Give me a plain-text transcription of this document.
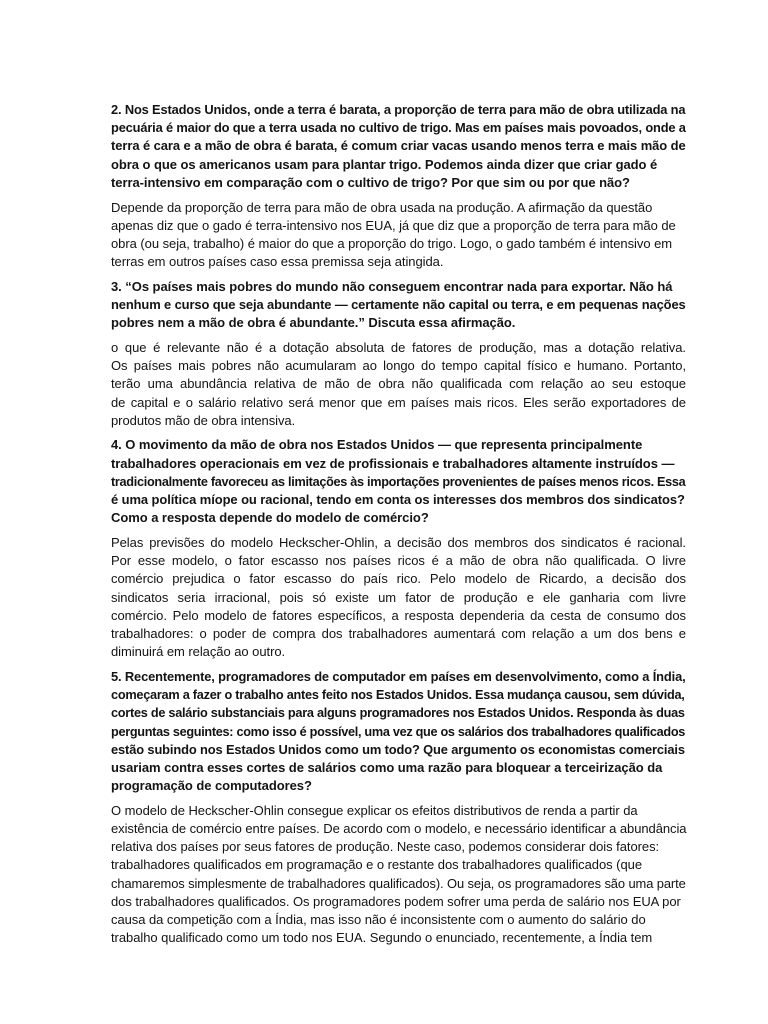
2. Nos Estados Unidos, onde a terra é barata, a proporção de terra para mão de obra utilizada na
pecuária é maior do que a terra usada no cultivo de trigo. Mas em países mais povoados, onde a
terra é cara e a mão de obra é barata, é comum criar vacas usando menos terra e mais mão de
obra o que os americanos usam para plantar trigo. Podemos ainda dizer que criar gado é
terra-intensivo em comparação com o cultivo de trigo? Por que sim ou por que não?

Depende da proporção de terra para mão de obra usada na produção. A afirmação da questão
apenas diz que o gado é terra-intensivo nos EUA, já que diz que a proporção de terra para mão de
obra (ou seja, trabalho) é maior do que a proporção do trigo. Logo, o gado também é intensivo em
terras em outros países caso essa premissa seja atingida.

3. “Os países mais pobres do mundo não conseguem encontrar nada para exportar. Não há
nenhum e curso que seja abundante — certamente não capital ou terra, e em pequenas nações
pobres nem a mão de obra é abundante.” Discuta essa afirmação.

o que é relevante não é a dotação absoluta de fatores de produção, mas a dotação relativa.
Os países mais pobres não acumularam ao longo do tempo capital físico e humano. Portanto,
terão uma abundância relativa de mão de obra não qualificada com relação ao seu estoque
de capital e o salário relativo será menor que em países mais ricos. Eles serão exportadores de
produtos mão de obra intensiva.

4. O movimento da mão de obra nos Estados Unidos — que representa principalmente
trabalhadores operacionais em vez de profissionais e trabalhadores altamente instruídos —
tradicionalmente favoreceu as limitações às importações provenientes de países menos ricos. Essa
é uma política míope ou racional, tendo em conta os interesses dos membros dos sindicatos?
Como a resposta depende do modelo de comércio?

Pelas previsões do modelo Heckscher-Ohlin, a decisão dos membros dos sindicatos é racional.
Por esse modelo, o fator escasso nos países ricos é a mão de obra não qualificada. O livre
comércio prejudica o fator escasso do país rico. Pelo modelo de Ricardo, a decisão dos
sindicatos seria irracional, pois só existe um fator de produção e ele ganharia com livre
comércio. Pelo modelo de fatores específicos, a resposta dependeria da cesta de consumo dos
trabalhadores: o poder de compra dos trabalhadores aumentará com relação a um dos bens e
diminuirá em relação ao outro.

5. Recentemente, programadores de computador em países em desenvolvimento, como a Índia,
começaram a fazer o trabalho antes feito nos Estados Unidos. Essa mudança causou, sem dúvida,
cortes de salário substanciais para alguns programadores nos Estados Unidos. Responda às duas
perguntas seguintes: como isso é possível, uma vez que os salários dos trabalhadores qualificados
estão subindo nos Estados Unidos como um todo? Que argumento os economistas comerciais
usariam contra esses cortes de salários como uma razão para bloquear a terceirização da
programação de computadores?

O modelo de Heckscher-Ohlin consegue explicar os efeitos distributivos de renda a partir da
existência de comércio entre países. De acordo com o modelo, e necessário identificar a abundância
relativa dos países por seus fatores de produção. Neste caso, podemos considerar dois fatores:
trabalhadores qualificados em programação e o restante dos trabalhadores qualificados (que
chamaremos simplesmente de trabalhadores qualificados). Ou seja, os programadores são uma parte
dos trabalhadores qualificados. Os programadores podem sofrer uma perda de salário nos EUA por
causa da competição com a Índia, mas isso não é inconsistente com o aumento do salário do
trabalho qualificado como um todo nos EUA. Segundo o enunciado, recentemente, a Índia tem
